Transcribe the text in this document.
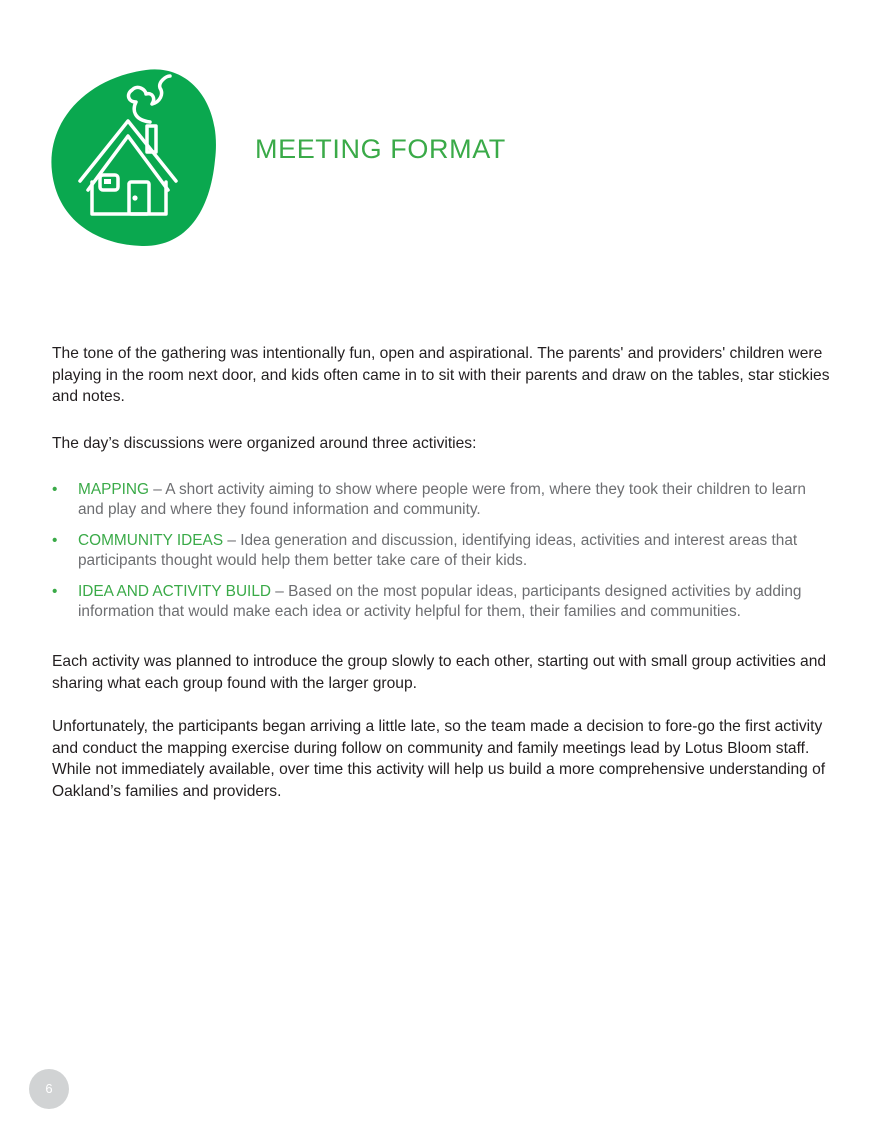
MEETING FORMAT

The tone of the gathering was intentionally fun, open and aspirational. The parents' and providers' children were playing in the room next door, and kids often came in to sit with their parents and draw on the tables, star stickies and notes.

The day’s discussions were organized around three activities:

• MAPPING – A short activity aiming to show where people were from, where they took their children to learn and play and where they found information and community.
• COMMUNITY IDEAS – Idea generation and discussion, identifying ideas, activities and interest areas that participants thought would help them better take care of their kids.
• IDEA AND ACTIVITY BUILD – Based on the most popular ideas, participants designed activities by adding information that would make each idea or activity helpful for them, their families and communities.

Each activity was planned to introduce the group slowly to each other, starting out with small group activities and sharing what each group found with the larger group.

Unfortunately, the participants began arriving a little late, so the team made a decision to fore-go the first activity and conduct the mapping exercise during follow on community and family meetings lead by Lotus Bloom staff. While not immediately available, over time this activity will help us build a more comprehensive understanding of Oakland’s families and providers.

6
